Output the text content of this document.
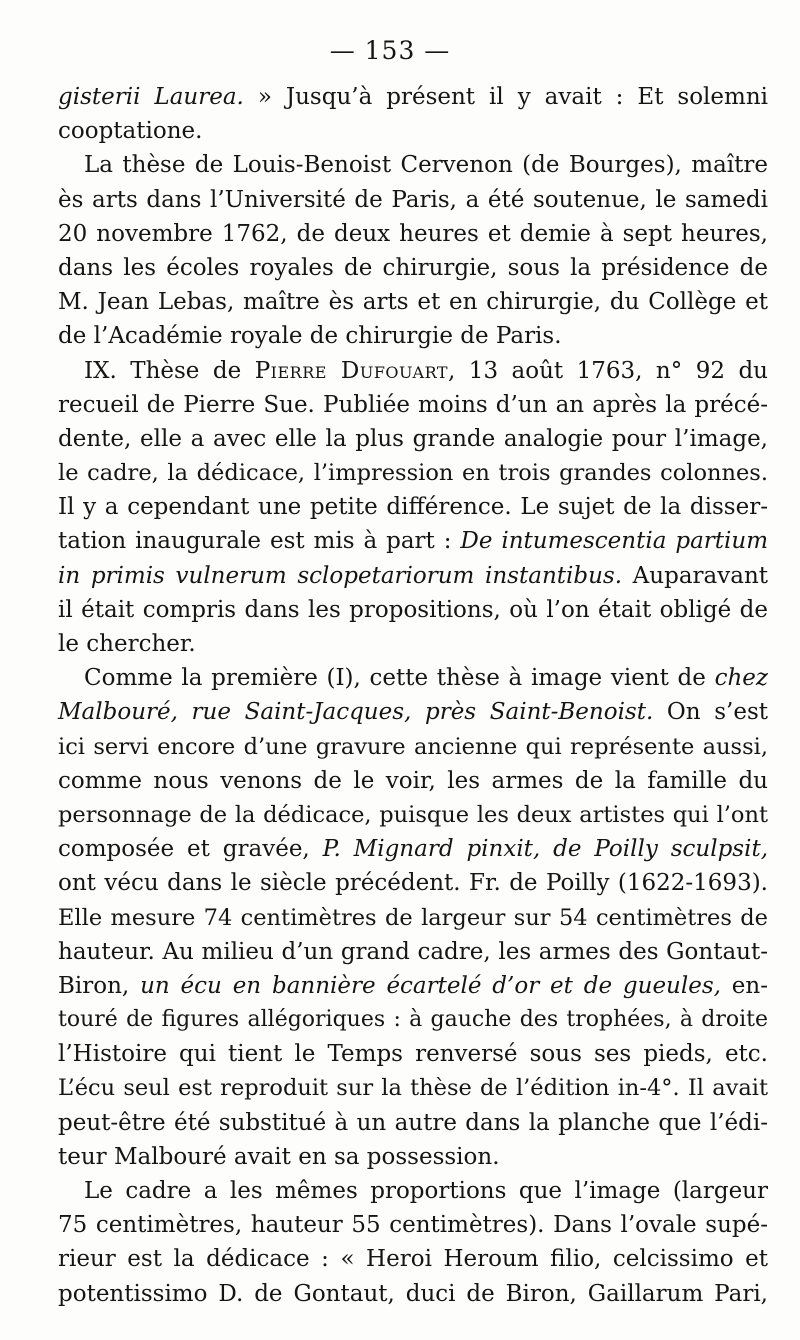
— 153 —
gisterii Laurea. » Jusqu’à présent il y avait : Et solemni
cooptatione.
La thèse de Louis-Benoist Cervenon (de Bourges), maître
ès arts dans l’Université de Paris, a été soutenue, le samedi
20 novembre 1762, de deux heures et demie à sept heures,
dans les écoles royales de chirurgie, sous la présidence de
M. Jean Lebas, maître ès arts et en chirurgie, du Collège et
de l’Académie royale de chirurgie de Paris.
IX. Thèse de Pierre Dufouart, 13 août 1763, n° 92 du
recueil de Pierre Sue. Publiée moins d’un an après la précé-
dente, elle a avec elle la plus grande analogie pour l’image,
le cadre, la dédicace, l’impression en trois grandes colonnes.
Il y a cependant une petite différence. Le sujet de la disser-
tation inaugurale est mis à part : De intumescentia partium
in primis vulnerum sclopetariorum instantibus. Auparavant
il était compris dans les propositions, où l’on était obligé de
le chercher.
Comme la première (I), cette thèse à image vient de chez
Malbouré, rue Saint-Jacques, près Saint-Benoist. On s’est
ici servi encore d’une gravure ancienne qui représente aussi,
comme nous venons de le voir, les armes de la famille du
personnage de la dédicace, puisque les deux artistes qui l’ont
composée et gravée, P. Mignard pinxit, de Poilly sculpsit,
ont vécu dans le siècle précédent. Fr. de Poilly (1622-1693).
Elle mesure 74 centimètres de largeur sur 54 centimètres de
hauteur. Au milieu d’un grand cadre, les armes des Gontaut-
Biron, un écu en bannière écartelé d’or et de gueules, en-
touré de figures allégoriques : à gauche des trophées, à droite
l’Histoire qui tient le Temps renversé sous ses pieds, etc.
L’écu seul est reproduit sur la thèse de l’édition in-4°. Il avait
peut-être été substitué à un autre dans la planche que l’édi-
teur Malbouré avait en sa possession.
Le cadre a les mêmes proportions que l’image (largeur
75 centimètres, hauteur 55 centimètres). Dans l’ovale supé-
rieur est la dédicace : « Heroi Heroum filio, celcissimo et
potentissimo D. de Gontaut, duci de Biron, Gaillarum Pari,
